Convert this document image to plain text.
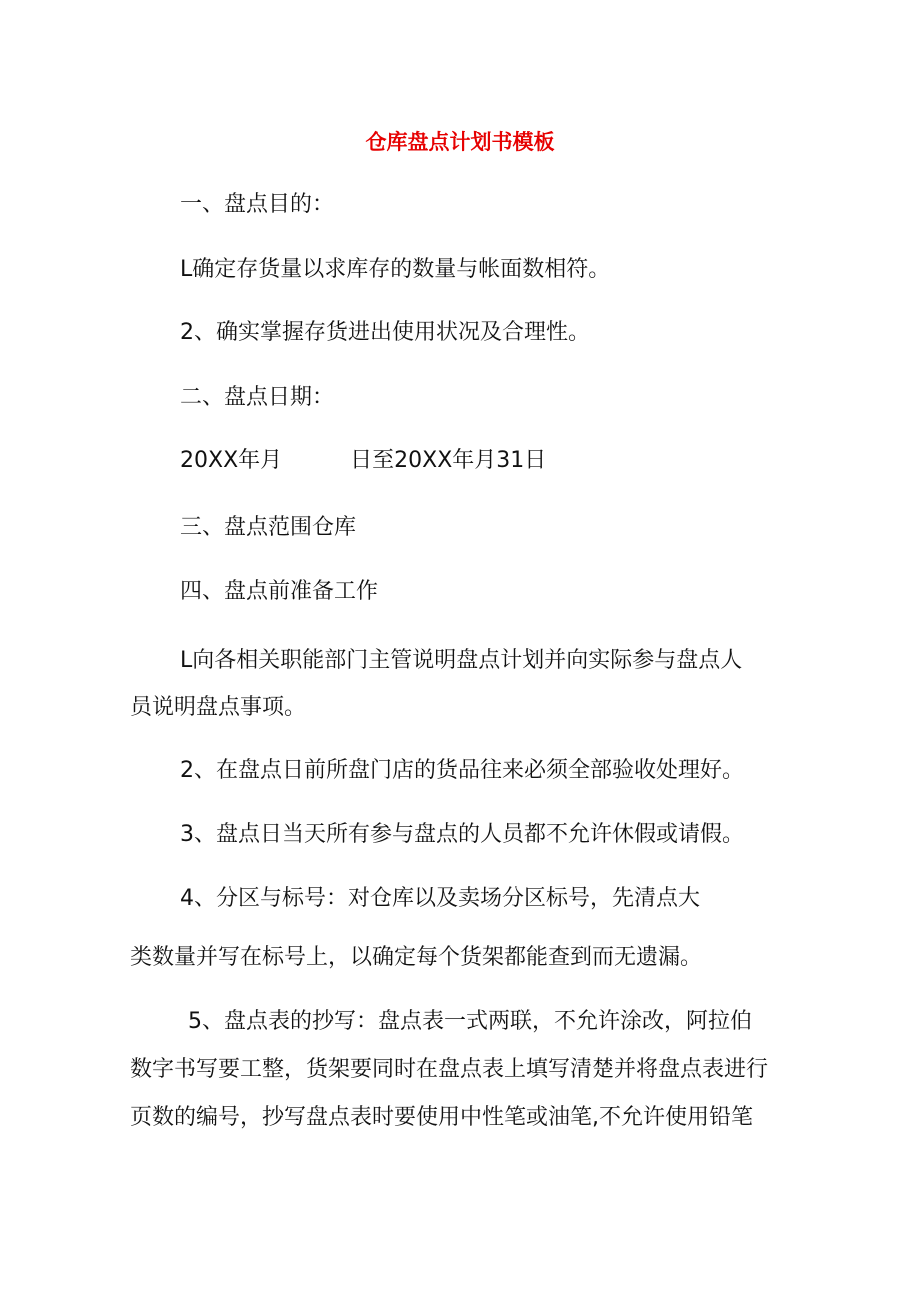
仓库盘点计划书模板

一、盘点目的：

L确定存货量以求库存的数量与帐面数相符。

2、确实掌握存货进出使用状况及合理性。

二、盘点日期：

20XX年月	日至20XX年月31日

三、盘点范围仓库

四、盘点前准备工作

L向各相关职能部门主管说明盘点计划并向实际参与盘点人

员说明盘点事项。

2、在盘点日前所盘门店的货品往来必须全部验收处理好。

3、盘点日当天所有参与盘点的人员都不允许休假或请假。

4、分区与标号：对仓库以及卖场分区标号，先清点大

类数量并写在标号上，以确定每个货架都能查到而无遗漏。

5、盘点表的抄写：盘点表一式两联，不允许涂改，阿拉伯

数字书写要工整，货架要同时在盘点表上填写清楚并将盘点表进行

页数的编号，抄写盘点表时要使用中性笔或油笔,不允许使用铅笔
